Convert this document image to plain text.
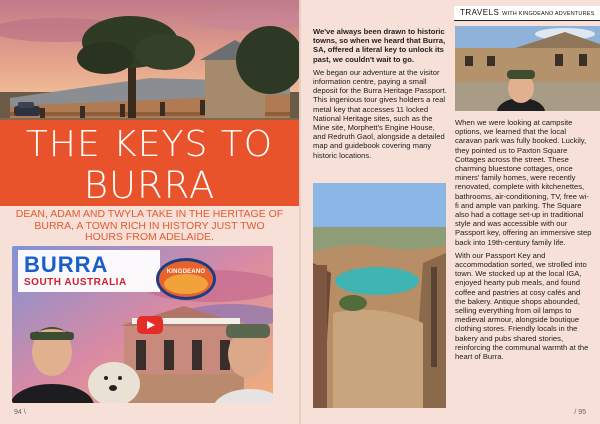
THE KEYS TO
BURRA
DEAN, ADAM AND TWYLA TAKE IN THE HERITAGE OF BURRA, A TOWN RICH IN HISTORY JUST TWO HOURS FROM ADELAIDE.
BURRA
SOUTH AUSTRALIA
KINGDEANO
94 \
TRAVELS WITH KINGDEANO ADVENTURES

We've always been drawn to historic towns, so when we heard that Burra, SA, offered a literal key to unlock its past, we couldn't wait to go.

We began our adventure at the visitor information centre, paying a small deposit for the Burra Heritage Passport. This ingenious tour gives holders a real metal key that accesses 11 locked National Heritage sites, such as the Mine site, Morphett's Engine House, and Redruth Gaol, alongside a detailed map and guidebook covering many historic locations.

When we were looking at campsite options, we learned that the local caravan park was fully booked. Luckily, they pointed us to Paxton Square Cottages across the street. These charming bluestone cottages, once miners' family homes, were recently renovated, complete with kitchenettes, bathrooms, air-conditioning, TV, free wi-fi and ample van parking. The Square also had a cottage set-up in traditional style and was accessible with our Passport key, offering an immersive step back into 19th-century family life.

With our Passport Key and accommodation sorted, we strolled into town. We stocked up at the local IGA, enjoyed hearty pub meals, and found coffee and pastries at cosy cafés and the bakery. Antique shops abounded, selling everything from oil lamps to medieval armour, alongside boutique clothing stores. Friendly locals in the bakery and pubs shared stories, reinforcing the communal warmth at the heart of Burra.

/ 95
